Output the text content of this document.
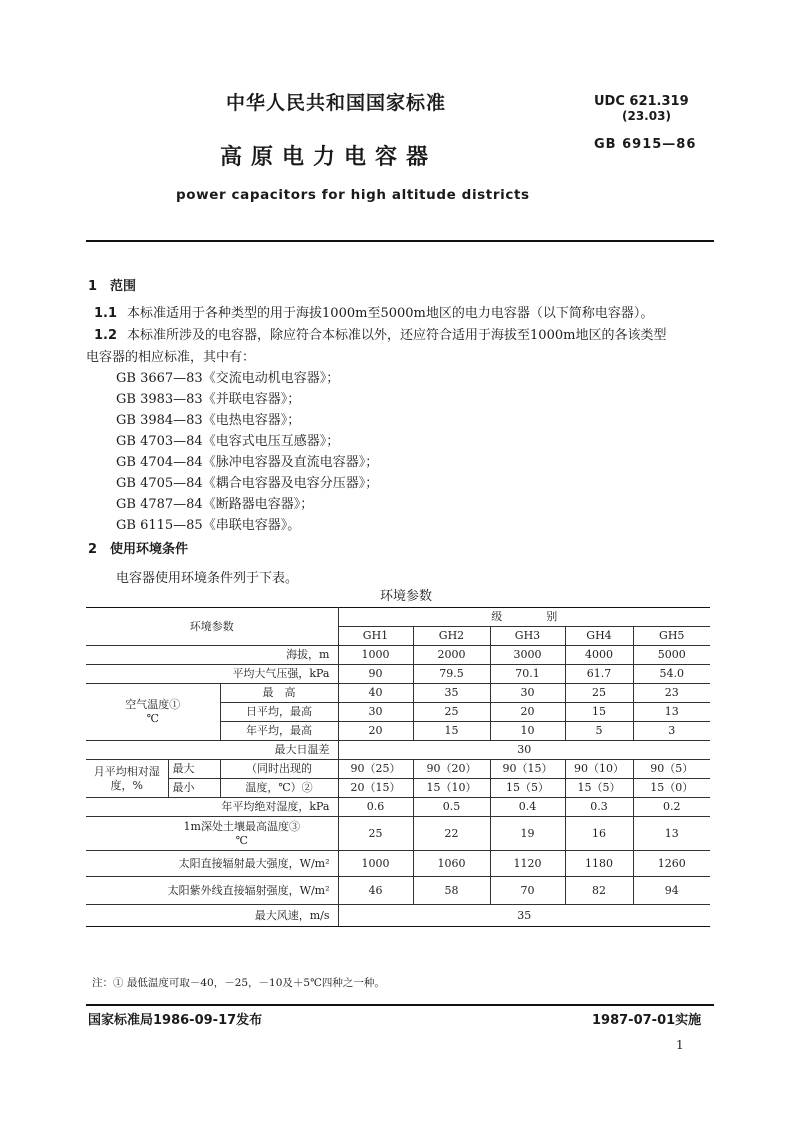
中华人民共和国国家标准
高原电力电容器
power capacitors for high altitude districts
UDC 621.319
(23.03)
GB 6915—86
1　范围
1.1 本标准适用于各种类型的用于海拔1000m至5000m地区的电力电容器（以下简称电容器）。
1.2 本标准所涉及的电容器，除应符合本标准以外，还应符合适用于海拔至1000m地区的各该类型
电容器的相应标准，其中有：
GB 3667—83《交流电动机电容器》；
GB 3983—83《并联电容器》；
GB 3984—83《电热电容器》；
GB 4703—84《电容式电压互感器》；
GB 4704—84《脉冲电容器及直流电容器》；
GB 4705—84《耦合电容器及电容分压器》；
GB 4787—84《断路器电容器》；
GB 6115—85《串联电容器》。
2　使用环境条件
电容器使用环境条件列于下表。
环境参数
环境参数			级　　　　别				
			GH1	GH2	GH3	GH4	GH5
海拔，m			1000	2000	3000	4000	5000
平均大气压强，kPa			90	79.5	70.1	61.7	54.0

空气温度①
℃		最　高	40	35	30	25	23
		日平均，最高	30	25	20	15	13
		年平均，最高	20	15	10	5	3
最大日温差			30				

月平均相对湿
度，%	最大	（同时出现的	90（25）	90（20）	90（15）	90（10）	90（5）
	最小	温度，℃）②	20（15）	15（10）	15（5）	15（5）	15（0）
年平均绝对湿度，kPa			0.6	0.5	0.4	0.3	0.2

1m深处土壤最高温度③
℃			25	22	19	16	13
太阳直接辐射最大强度，W/m²			1000	1060	1120	1180	1260
太阳紫外线直接辐射强度，W/m²			46	58	70	82	94
最大风速，m/s			35				
注：① 最低温度可取－40，－25，－10及＋5℃四种之一种。
国家标准局1986-09-17发布	1987-07-01实施
1
